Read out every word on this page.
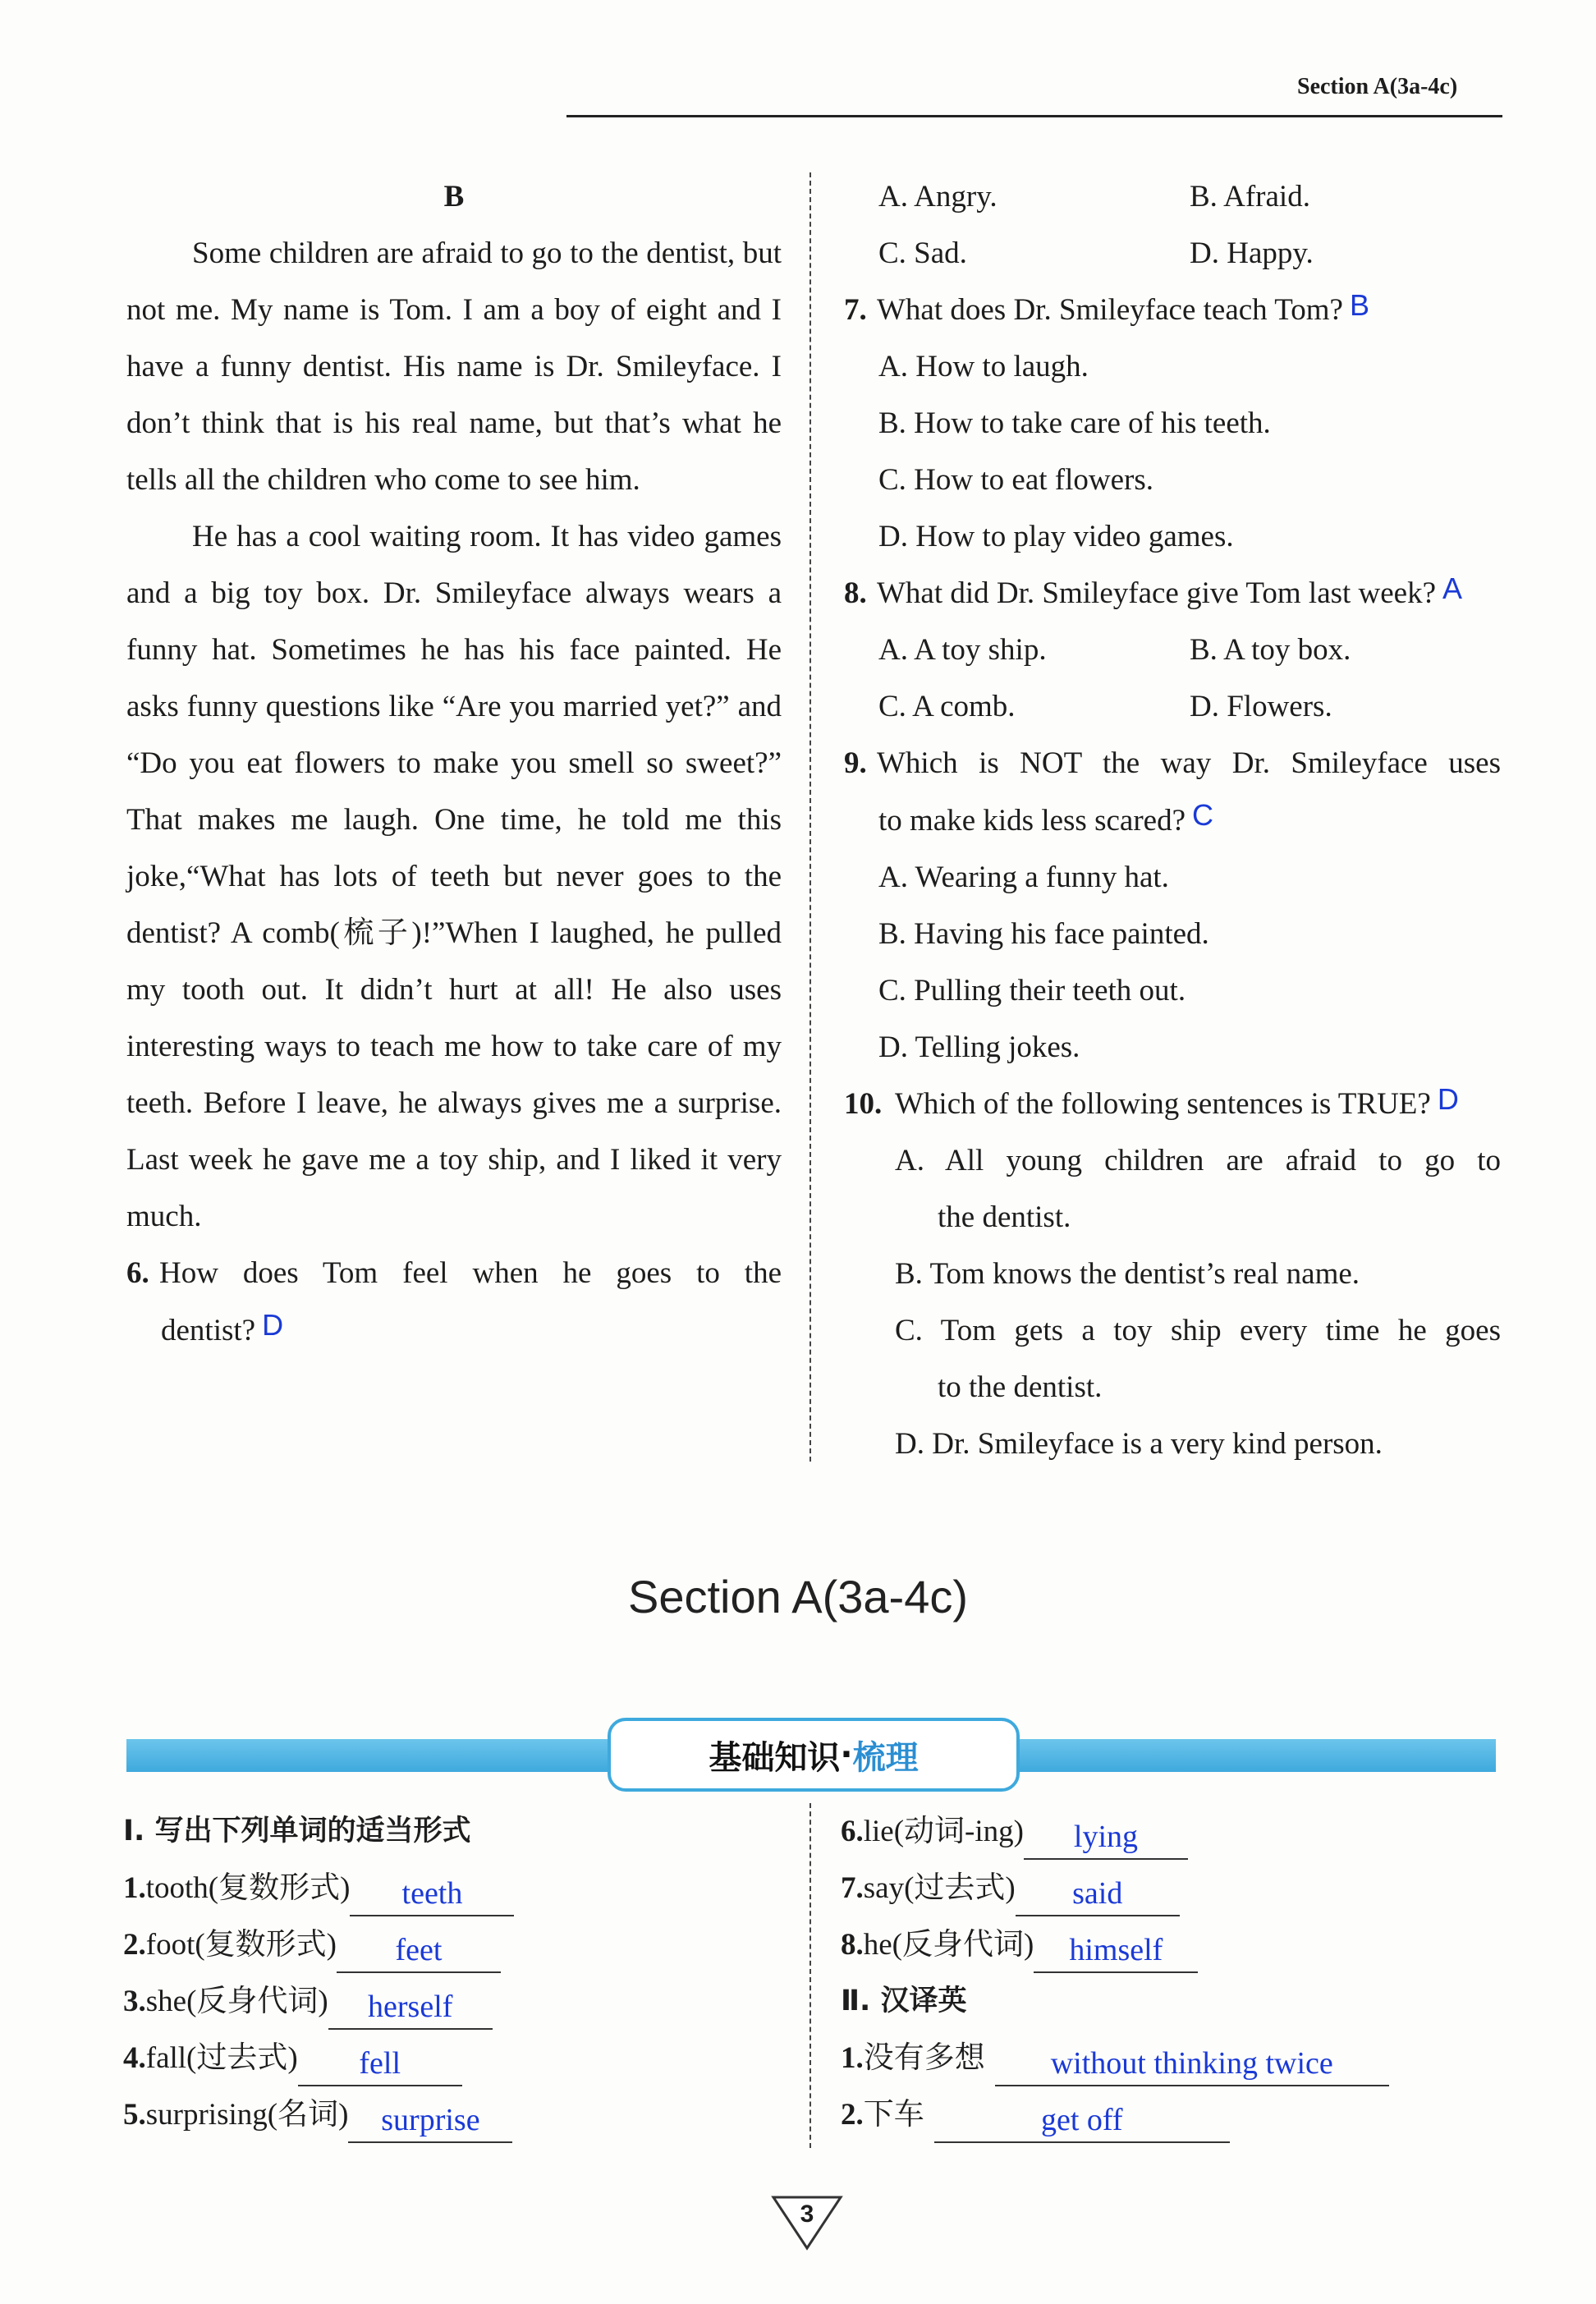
Section A(3a-4c)
B

Some children are afraid to go to the dentist, but not me. My name is Tom. I am a boy of eight and I have a funny dentist. His name is Dr. Smileyface. I don’t think that is his real name, but that’s what he tells all the children who come to see him.

He has a cool waiting room. It has video games and a big toy box. Dr. Smileyface always wears a funny hat. Sometimes he has his face painted. He asks funny questions like “Are you married yet?” and “Do you eat flowers to make you smell so sweet?” That makes me laugh. One time, he told me this joke,“What has lots of teeth but never goes to the dentist? A comb(梳子)!”When I laughed, he pulled my tooth out. It didn’t hurt at all! He also uses interesting ways to teach me how to take care of my teeth. Before I leave, he always gives me a surprise. Last week he gave me a toy ship, and I liked it very much.

6. How does Tom feel when he goes to the
dentist? D
A. Angry.	B. Afraid.
C. Sad.	D. Happy.
7. What does Dr. Smileyface teach Tom? B
A. How to laugh.
B. How to take care of his teeth.
C. How to eat flowers.
D. How to play video games.
8. What did Dr. Smileyface give Tom last week? A
A. A toy ship.	B. A toy box.
C. A comb.	D. Flowers.
9. Which is NOT the way Dr. Smileyface uses
to make kids less scared? C
A. Wearing a funny hat.
B. Having his face painted.
C. Pulling their teeth out.
D. Telling jokes.
10. Which of the following sentences is TRUE? D
A. All young children are afraid to go to
the dentist.
B. Tom knows the dentist’s real name.
C. Tom gets a toy ship every time he goes
to the dentist.
D. Dr. Smileyface is a very kind person.
Section A(3a-4c)
基础知识 · 梳理
Ⅰ. 写出下列单词的适当形式
1. tooth(复数形式)	teeth
2. foot(复数形式)	feet
3. she(反身代词)	herself
4. fall(过去式)	fell
5. surprising(名词)	surprise
6. lie(动词-ing)	lying
7. say(过去式)	said
8. he(反身代词)	himself
Ⅱ. 汉译英
1. 没有多想	without thinking twice
2. 下车	get off
3
